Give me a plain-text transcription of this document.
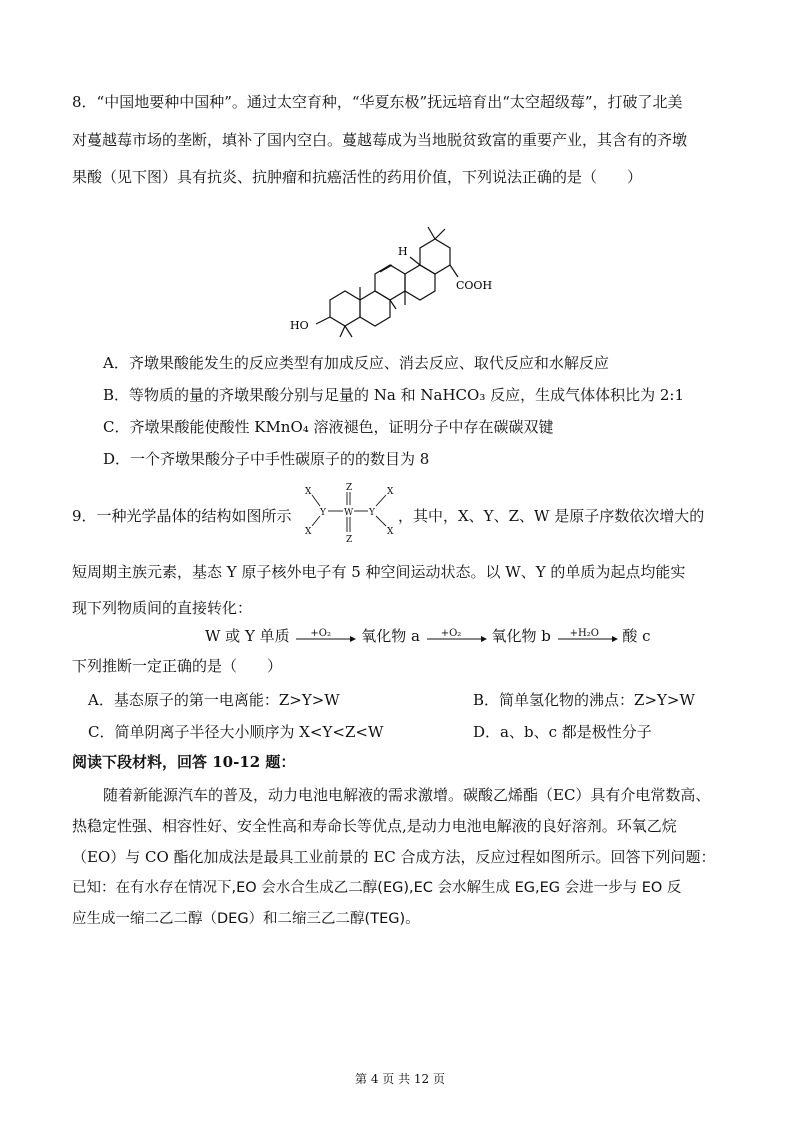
8．“中国地要种中国种”。通过太空育种，“华夏东极”抚远培育出“太空超级莓”，打破了北美
对蔓越莓市场的垄断，填补了国内空白。蔓越莓成为当地脱贫致富的重要产业，其含有的齐墩
果酸（见下图）具有抗炎、抗肿瘤和抗癌活性的药用价值，下列说法正确的是（　　）
H
COOH
HO
A．齐墩果酸能发生的反应类型有加成反应、消去反应、取代反应和水解反应
B．等物质的量的齐墩果酸分别与足量的 Na 和 NaHCO₃ 反应，生成气体体积比为 2:1
C．齐墩果酸能使酸性 KMnO₄ 溶液褪色，证明分子中存在碳碳双键
D．一个齐墩果酸分子中手性碳原子的的数目为 8
9．一种光学晶体的结构如图所示
X
X
Y
Z
W
Z
Y
X
X
，其中，X、Y、Z、W 是原子序数依次增大的
短周期主族元素，基态 Y 原子核外电子有 5 种空间运动状态。以 W、Y 的单质为起点均能实
现下列物质间的直接转化：
W 或 Y 单质 +O₂ 氧化物 a +O₂ 氧化物 b +H₂O 酸 c
下列推断一定正确的是（　　）
A．基态原子的第一电离能：Z>Y>W	B．简单氢化物的沸点：Z>Y>W
C．简单阴离子半径大小顺序为 X<Y<Z<W	D．a、b、c 都是极性分子
阅读下段材料，回答 10-12 题：
随着新能源汽车的普及，动力电池电解液的需求激增。碳酸乙烯酯（EC）具有介电常数高、
热稳定性强、相容性好、安全性高和寿命长等优点,是动力电池电解液的良好溶剂。环氧乙烷
（EO）与 CO 酯化加成法是最具工业前景的 EC 合成方法，反应过程如图所示。回答下列问题：
已知：在有水存在情况下,EO 会水合生成乙二醇(EG),EC 会水解生成 EG,EG 会进一步与 EO 反
应生成一缩二乙二醇（DEG）和二缩三乙二醇(TEG)。
第 4 页 共 12 页
